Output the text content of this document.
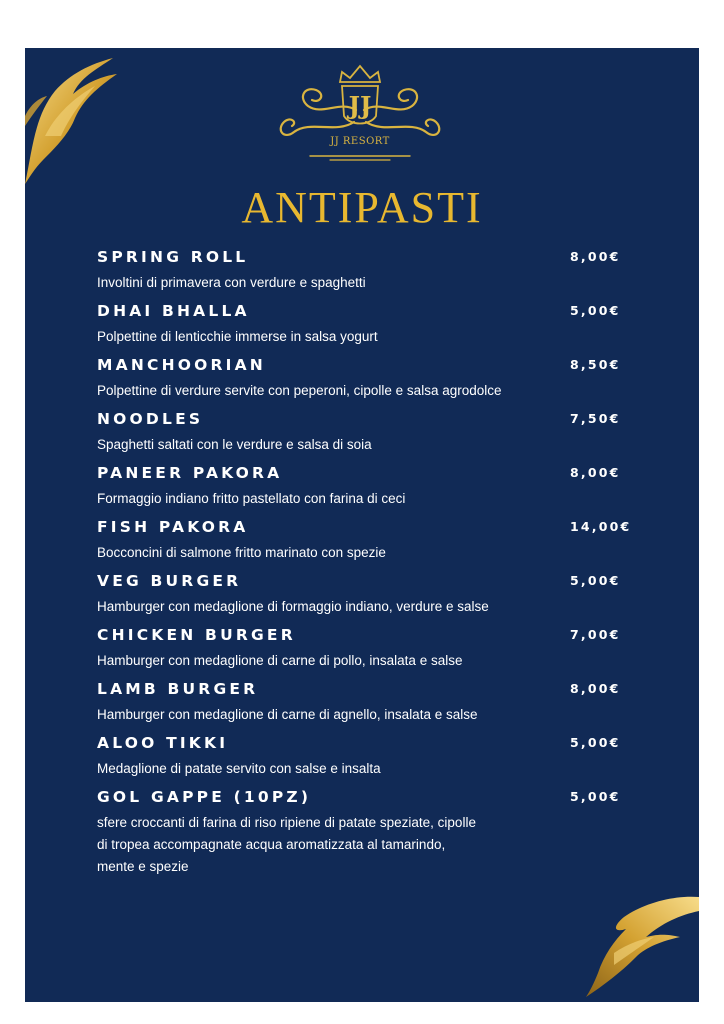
JJ
JJ RESORT
ANTIPASTI
SPRING ROLL	8,00€
Involtini di primavera con verdure e spaghetti
DHAI BHALLA	5,00€
Polpettine di lenticchie immerse in salsa yogurt
MANCHOORIAN	8,50€
Polpettine di verdure servite con peperoni, cipolle e salsa agrodolce
NOODLES	7,50€
Spaghetti saltati con le verdure e salsa di soia
PANEER PAKORA	8,00€
Formaggio indiano fritto pastellato con farina di ceci
FISH PAKORA	14,00€
Bocconcini di salmone fritto marinato con spezie
VEG BURGER	5,00€
Hamburger con medaglione di formaggio indiano, verdure e salse
CHICKEN BURGER	7,00€
Hamburger con medaglione di carne di pollo, insalata e salse
LAMB BURGER	8,00€
Hamburger con medaglione di carne di agnello, insalata e salse
ALOO TIKKI	5,00€
Medaglione di patate servito con salse e insalta
GOL GAPPE (10PZ)	5,00€
sfere croccanti di farina di riso ripiene di patate speziate, cipolle
di tropea accompagnate acqua aromatizzata al tamarindo,
mente e spezie
